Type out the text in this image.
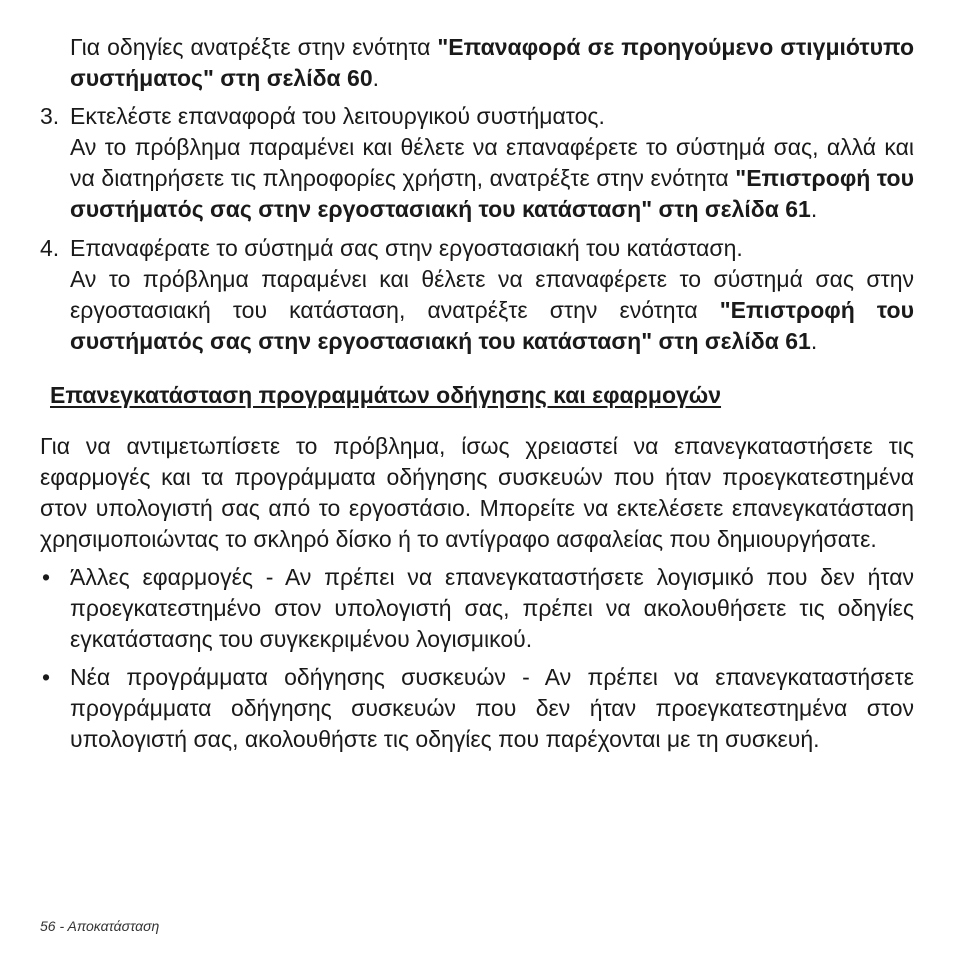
Για οδηγίες ανατρέξτε στην ενότητα "Επαναφορά σε προηγούμενο στιγμιότυπο συστήματος" στη σελίδα 60.

3. Εκτελέστε επαναφορά του λειτουργικού συστήματος.

Αν το πρόβλημα παραμένει και θέλετε να επαναφέρετε το σύστημά σας, αλλά και να διατηρήσετε τις πληροφορίες χρήστη, ανατρέξτε στην ενότητα "Επιστροφή του συστήματός σας στην εργοστασιακή του κατάσταση" στη σελίδα 61.

4. Επαναφέρατε το σύστημά σας στην εργοστασιακή του κατάσταση.

Αν το πρόβλημα παραμένει και θέλετε να επαναφέρετε το σύστημά σας στην εργοστασιακή του κατάσταση, ανατρέξτε στην ενότητα "Επιστροφή του συστήματός σας στην εργοστασιακή του κατάσταση" στη σελίδα 61.

Επανεγκατάσταση προγραμμάτων οδήγησης και εφαρμογών

Για να αντιμετωπίσετε το πρόβλημα, ίσως χρειαστεί να επανεγκαταστήσετε τις εφαρμογές και τα προγράμματα οδήγησης συσκευών που ήταν προεγκατεστημένα στον υπολογιστή σας από το εργοστάσιο. Μπορείτε να εκτελέσετε επανεγκατάσταση χρησιμοποιώντας το σκληρό δίσκο ή το αντίγραφο ασφαλείας που δημιουργήσατε.

• Άλλες εφαρμογές - Αν πρέπει να επανεγκαταστήσετε λογισμικό που δεν ήταν προεγκατεστημένο στον υπολογιστή σας, πρέπει να ακολουθήσετε τις οδηγίες εγκατάστασης του συγκεκριμένου λογισμικού.

• Νέα προγράμματα οδήγησης συσκευών - Αν πρέπει να επανεγκαταστήσετε προγράμματα οδήγησης συσκευών που δεν ήταν προεγκατεστημένα στον υπολογιστή σας, ακολουθήστε τις οδηγίες που παρέχονται με τη συσκευή.

56 - Αποκατάσταση
